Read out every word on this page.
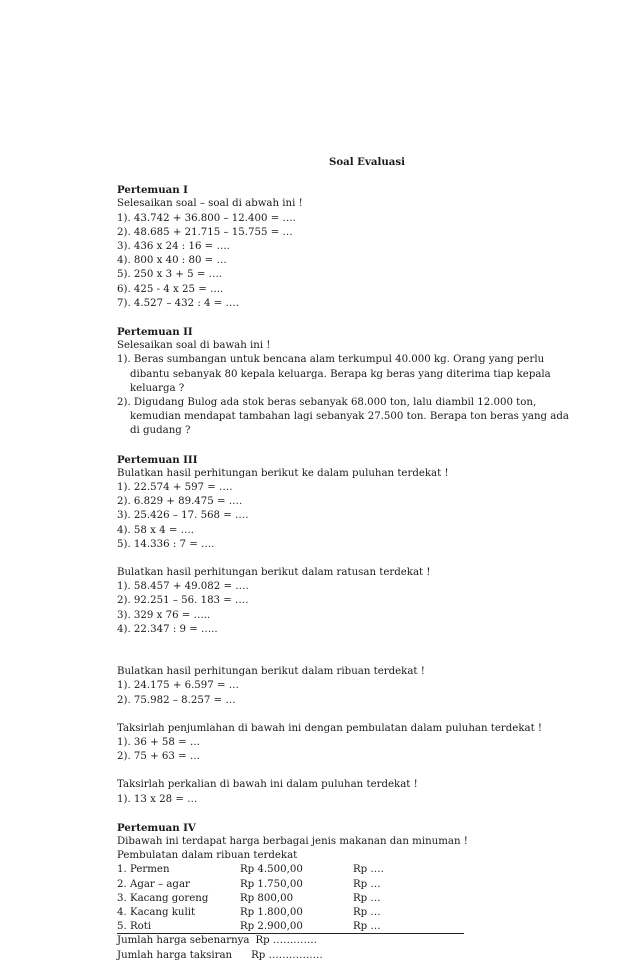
Soal Evaluasi
Pertemuan I
Selesaikan soal – soal di abwah ini !
1). 43.742 + 36.800 – 12.400 = ….
2). 48.685 + 21.715 – 15.755 = …
3). 436 x 24 : 16 = ….
4). 800 x 40 : 80 = …
5). 250 x 3 + 5 = ….
6). 425 - 4 x 25 = ….
7). 4.527 – 432 : 4 = ….
Pertemuan II
Selesaikan soal di bawah ini !
1). Beras sumbangan untuk bencana alam terkumpul 40.000 kg. Orang yang perlu dibantu sebanyak 80 kepala keluarga. Berapa kg beras yang diterima tiap kepala keluarga ?
2). Digudang Bulog ada stok beras sebanyak 68.000 ton, lalu diambil 12.000 ton, kemudian mendapat tambahan lagi sebanyak 27.500 ton. Berapa ton beras yang ada di gudang ?
Pertemuan III
Bulatkan hasil perhitungan berikut ke dalam puluhan terdekat !
1). 22.574 + 597 = ….
2). 6.829 + 89.475 = ….
3). 25.426 – 17. 568 = ….
4). 58 x 4 = ….
5). 14.336 : 7 = ….
Bulatkan hasil perhitungan berikut dalam ratusan terdekat !
1). 58.457 + 49.082 = ….
2). 92.251 – 56. 183 = ….
3). 329 x 76 = …..
4). 22.347 : 9 = …..
Bulatkan hasil perhitungan berikut dalam ribuan terdekat !
1). 24.175 + 6.597 = …
2). 75.982 – 8.257 = …
Taksirlah penjumlahan di bawah ini dengan pembulatan dalam puluhan terdekat !
1). 36 + 58 = …
2). 75 + 63 = …
Taksirlah perkalian di bawah ini dalam puluhan terdekat !
1). 13 x 28 = …
Pertemuan IV
Dibawah ini terdapat harga berbagai jenis makanan dan minuman !
Pembulatan dalam ribuan terdekat
1. Permen	Rp 4.500,00	Rp ….
2. Agar – agar	Rp 1.750,00	Rp …
3. Kacang goreng	Rp 800,00	Rp …
4. Kacang kulit	Rp 1.800,00	Rp …
5. Roti	Rp 2.900,00	Rp …
Jumlah harga sebenarnya Rp ………….
Jumlah harga taksiran Rp …………….
